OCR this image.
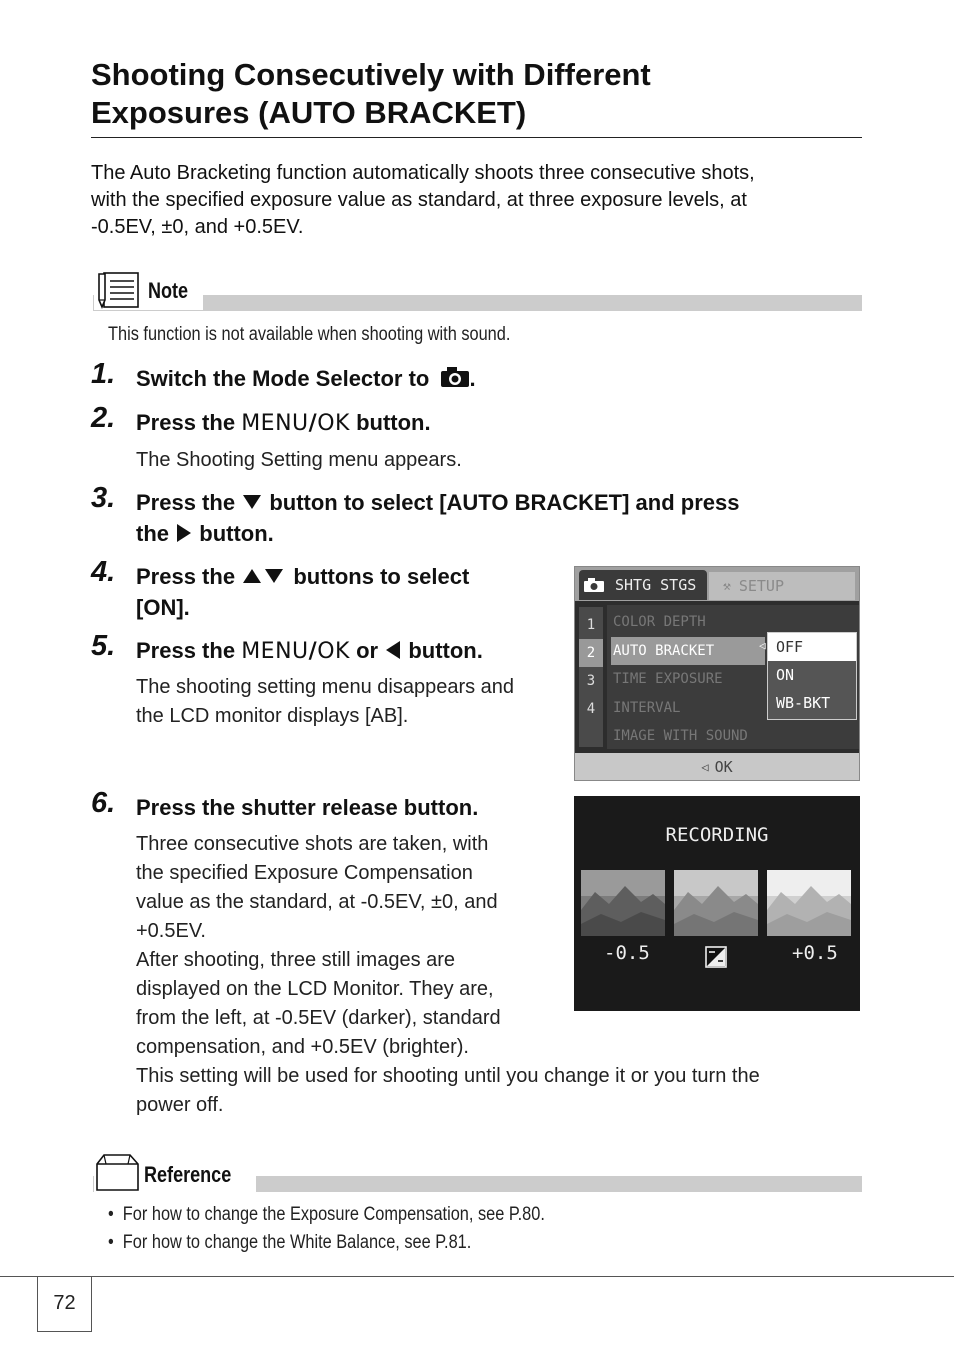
Shooting Consecutively with Different
Exposures (AUTO BRACKET)
The Auto Bracketing function automatically shoots three consecutive shots,
with the specified exposure value as standard, at three exposure levels, at
-0.5EV, ±0, and +0.5EV.
Note
This function is not available when shooting with sound.
1 .	Switch the Mode Selector to .
2 .	Press the MENU/OK button.
The Shooting Setting menu appears.
3 .	Press the button to select [AUTO BRACKET] and press
the button.
4 .	Press the	buttons to select
[ON].
5 .	Press the MENU/OK or button.
The shooting setting menu disappears and
the LCD monitor displays [AB].
SHTG STGS ⚒ SETUP
1
2
3
4
COLOR DEPTH
AUTO BRACKET
TIME EXPOSURE
INTERVAL
IMAGE WITH SOUND
◁ OFF
ON
WB-BKT
◁ OK
6 .	Press the shutter release button.
Three consecutive shots are taken, with
the specified Exposure Compensation
value as the standard, at -0.5EV, ±0, and
+0.5EV.
After shooting, three still images are
displayed on the LCD Monitor. They are,
from the left, at -0.5EV (darker), standard
compensation, and +0.5EV (brighter).
This setting will be used for shooting until you change it or you turn the
power off.
RECORDING
-0.5	+0.5
Reference
•  For how to change the Exposure Compensation, see P.80.
•  For how to change the White Balance, see P.81.
72
